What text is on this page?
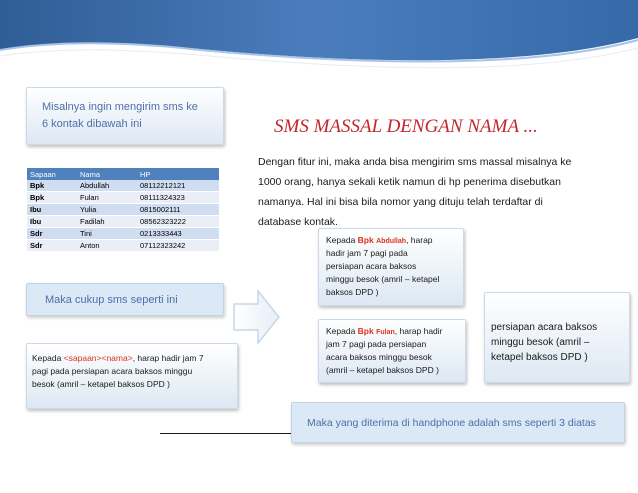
Misalnya ingin mengirim sms ke
6 kontak dibawah ini	SMS MASSAL DENGAN NAMA ...
Dengan fitur ini, maka anda bisa mengirim sms massal misalnya ke
1000 orang, hanya sekali ketik namun di hp penerima disebutkan
namanya. Hal ini bisa bila nomor yang dituju telah terdaftar di
database kontak.
Sapaan	Nama	HP
Bpk	Abdullah	08112212121
Bpk	Fulan	08111324323
Ibu	Yulia	0815002111
Ibu	Fadilah	08562323222
Sdr	Tini	0213333443
Sdr	Anton	07112323242
Maka cukup sms seperti ini
Kepada <sapaan><nama>, harap hadir jam 7
pagi pada persiapan acara baksos minggu
besok (amril – ketapel baksos DPD )
Kepada Bpk Abdullah, harap
hadir jam 7 pagi pada
persiapan acara baksos
minggu besok (amril – ketapel
baksos DPD )
Kepada Bpk Fulan, harap hadir
jam 7 pagi pada persiapan
acara baksos minggu besok
(amril – ketapel baksos DPD )
persiapan acara baksos
minggu besok (amril –
ketapel baksos DPD )
Maka yang diterima di handphone adalah sms seperti 3 diatas
